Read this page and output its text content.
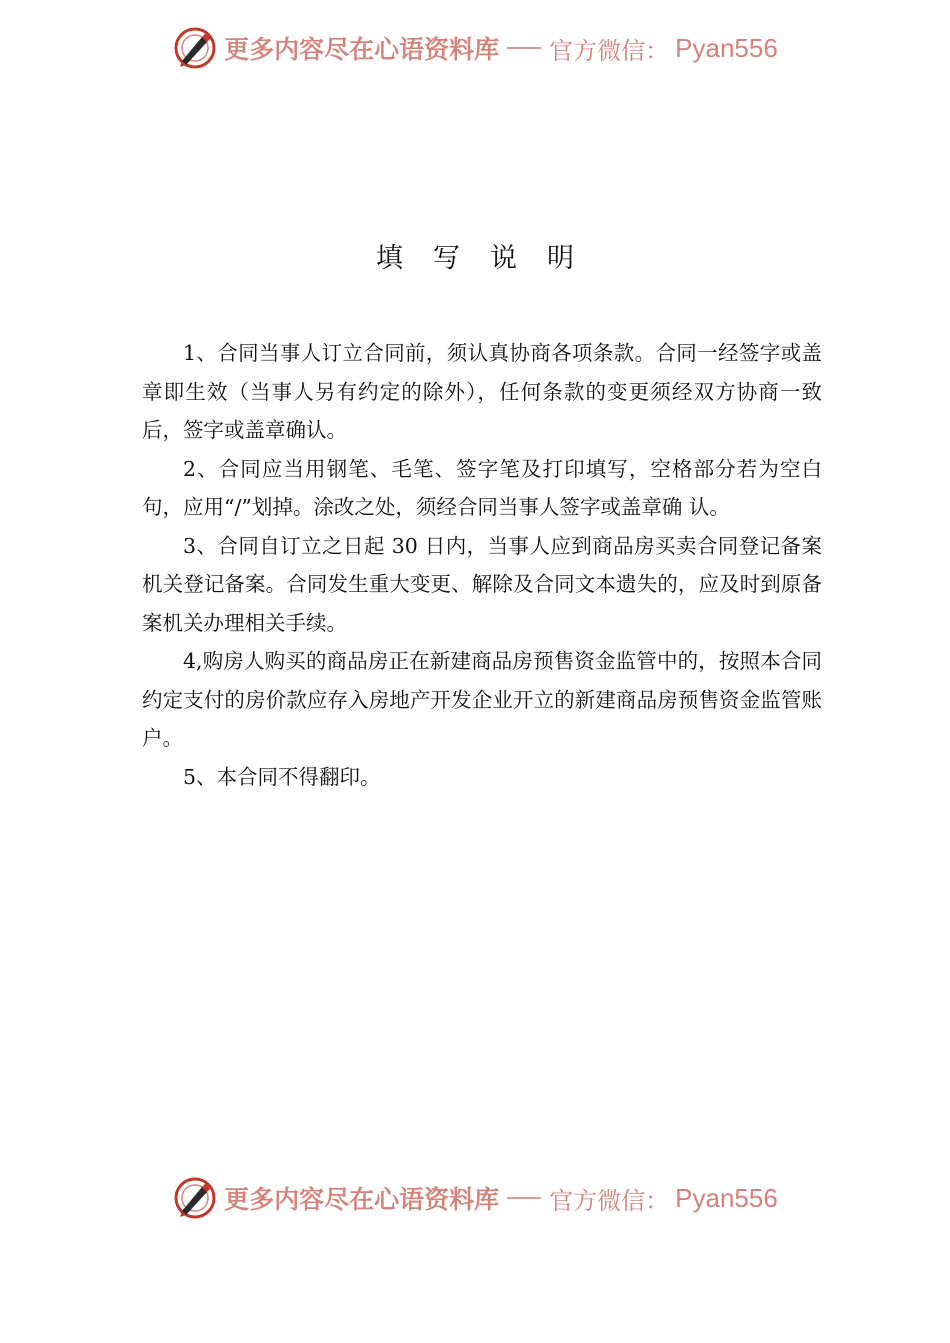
更多内容尽在心语资料库 官方微信： Pyan556
填写说明

1、合同当事人订立合同前，须认真协商各项条款。合同一经签字或盖章即生效（当事人另有约定的除外），任何条款的变更须经双方协商一致后，签字或盖章确认。

2、合同应当用钢笔、毛笔、签字笔及打印填写，空格部分若为空白句，应用“/”划掉。涂改之处，须经合同当事人签字或盖章确 认。

3、合同自订立之日起 30 日内，当事人应到商品房买卖合同登记备案机关登记备案。合同发生重大变更、解除及合同文本遗失的，应及时到原备案机关办理相关手续。

4,购房人购买的商品房正在新建商品房预售资金监管中的，按照本合同约定支付的房价款应存入房地产开发企业开立的新建商品房预售资金监管账户。

5、本合同不得翻印。

更多内容尽在心语资料库 官方微信： Pyan556
